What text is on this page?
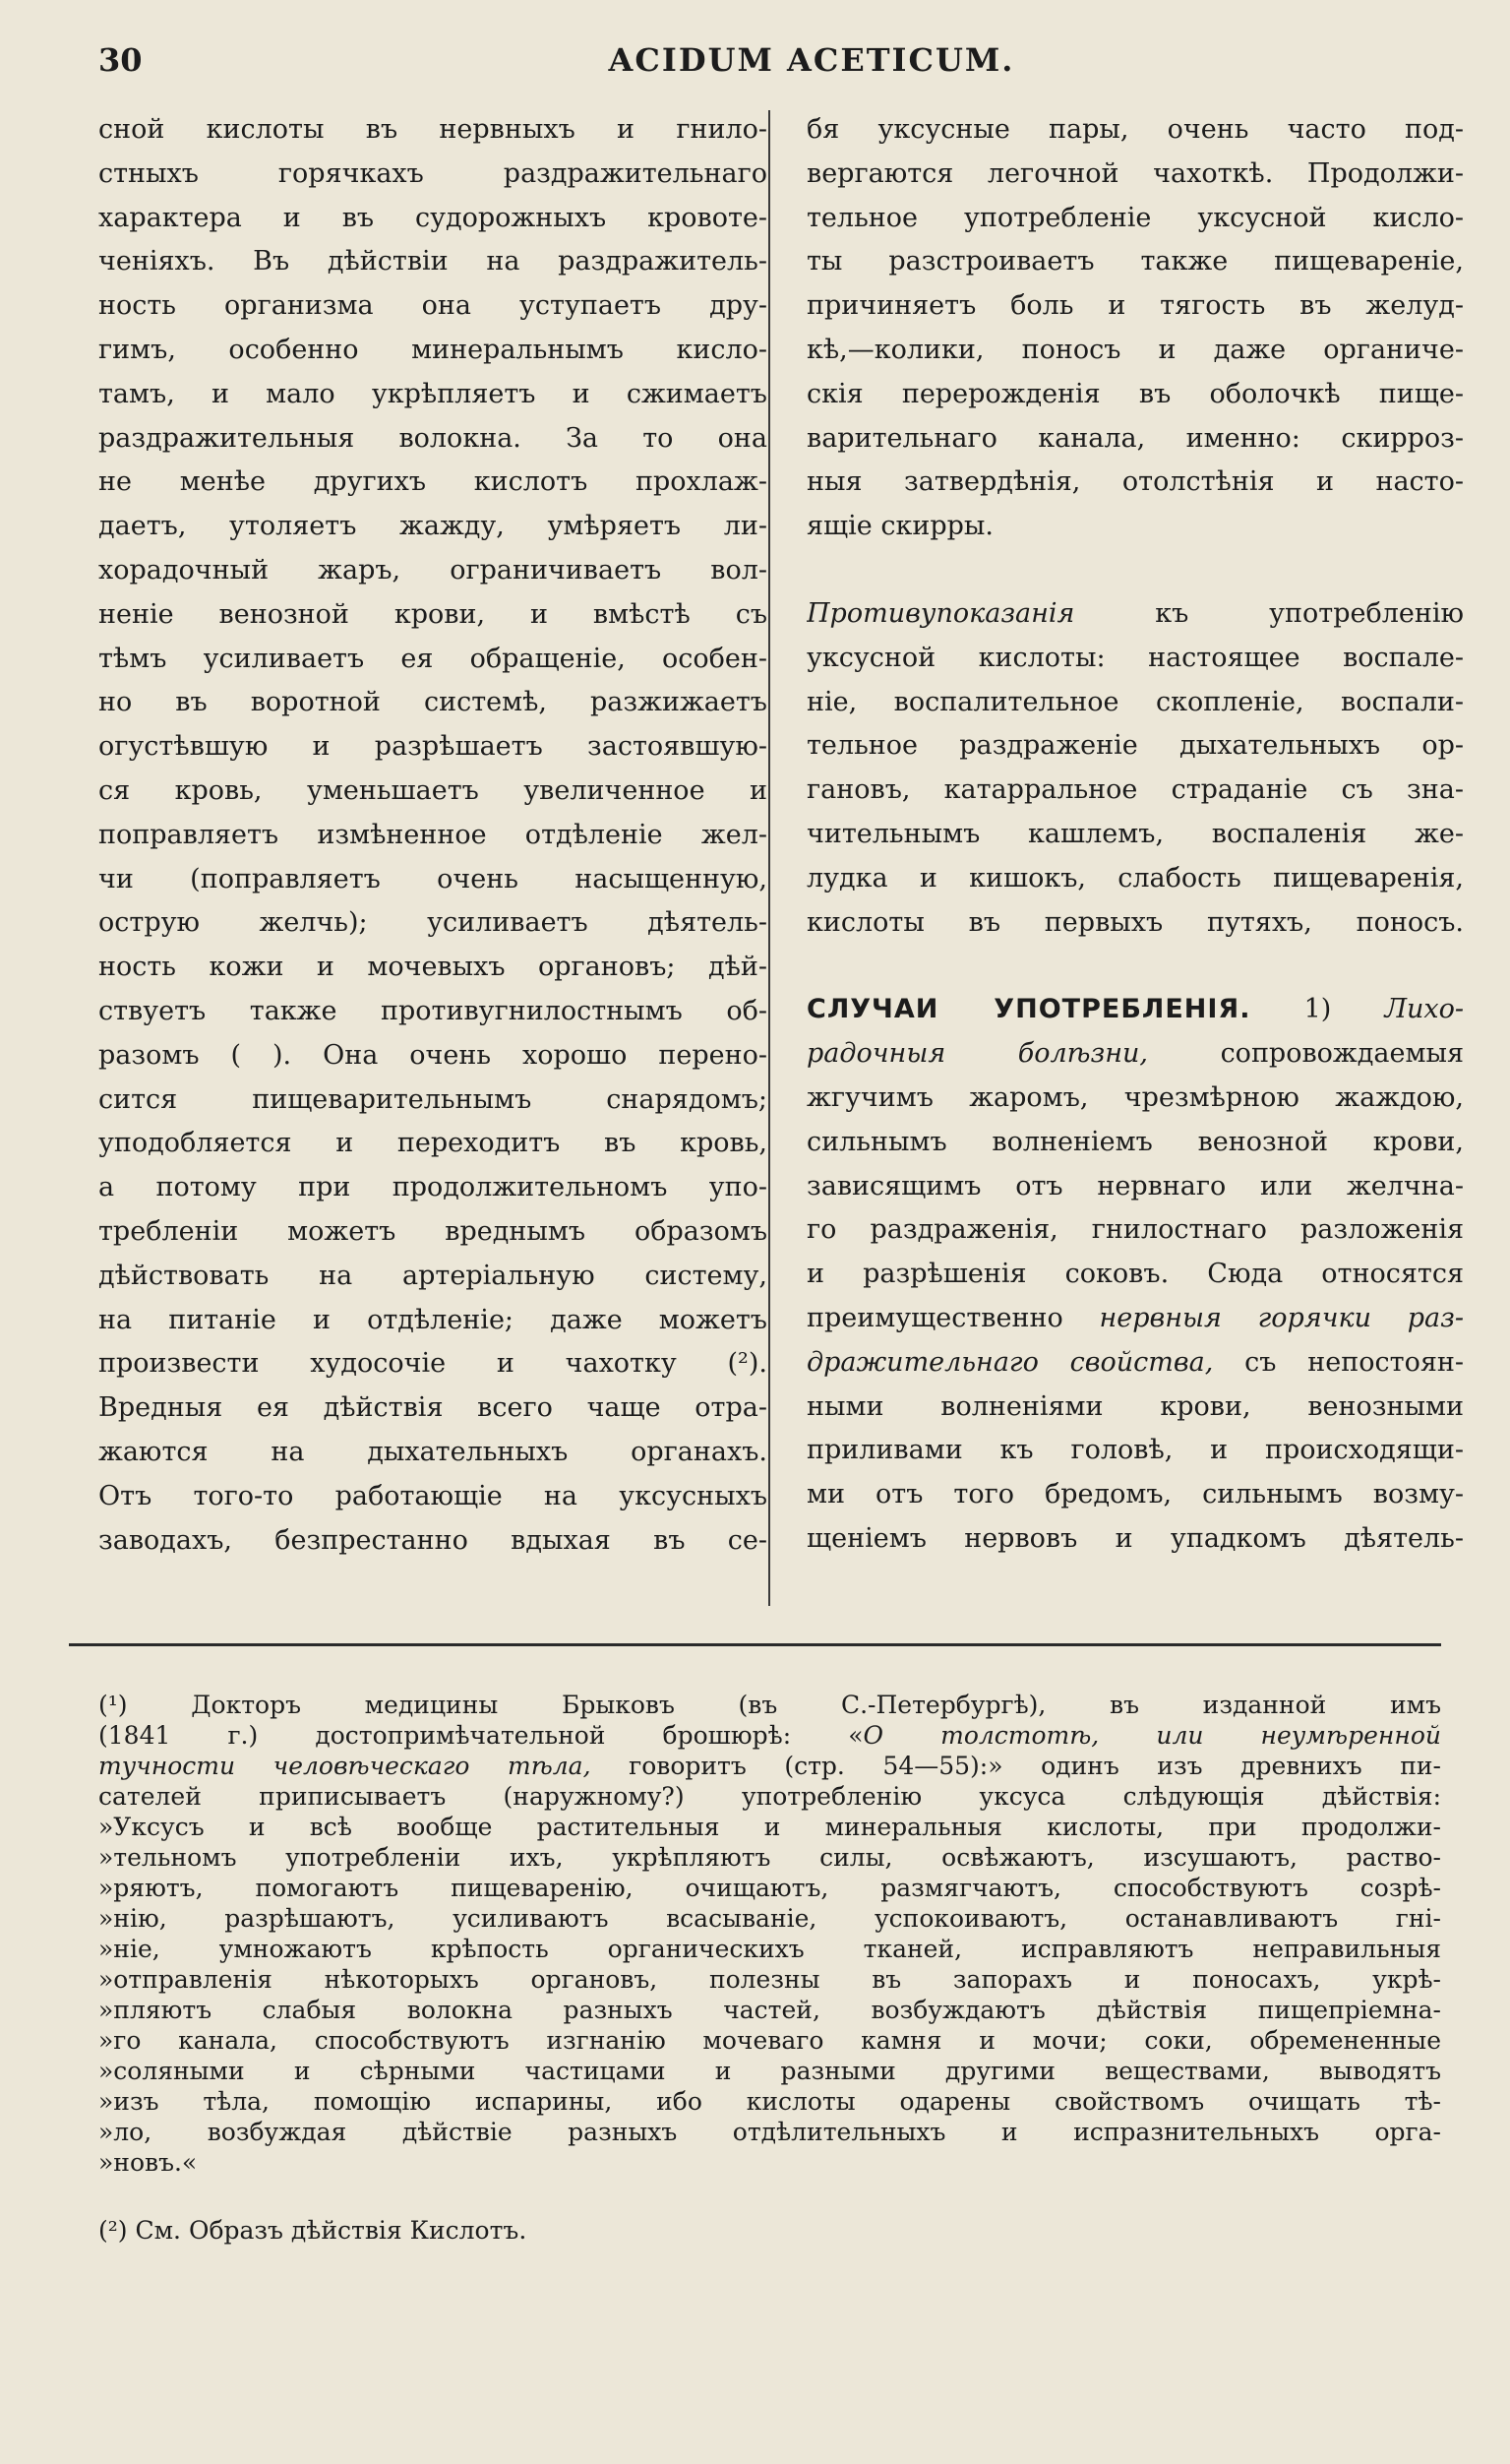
30	ACIDUM ACETICUM.
сной кислоты въ нервныхъ и гнило-
стныхъ горячкахъ раздражительнаго
характера и въ судорожныхъ кровоте-
ченіяхъ. Въ дѣйствіи на раздражитель-
ность организма она уступаетъ дру-
гимъ, особенно минеральнымъ кисло-
тамъ, и мало укрѣпляетъ и сжимаетъ
раздражительныя волокна. За то она
не менѣе другихъ кислотъ прохлаж-
даетъ, утоляетъ жажду, умѣряетъ ли-
хорадочный жаръ, ограничиваетъ вол-
неніе венозной крови, и вмѣстѣ съ
тѣмъ усиливаетъ ея обращеніе, особен-
но въ воротной системѣ, разжижаетъ
огустѣвшую и разрѣшаетъ застоявшую-
ся кровь, уменьшаетъ увеличенное и
поправляетъ измѣненное отдѣленіе жел-
чи (поправляетъ очень насыщенную,
острую желчь); усиливаетъ дѣятель-
ность кожи и мочевыхъ органовъ; дѣй-
ствуетъ также противугнилостнымъ об-
разомъ ( ). Она очень хорошо перено-
сится пищеварительнымъ снарядомъ;
уподобляется и переходитъ въ кровь,
а потому при продолжительномъ упо-
требленіи можетъ вреднымъ образомъ
дѣйствовать на артеріальную систему,
на питаніе и отдѣленіе; даже можетъ
произвести худосочіе и чахотку (²).
Вредныя ея дѣйствія всего чаще отра-
жаются на дыхательныхъ органахъ.
Отъ того-то работающіе на уксусныхъ
заводахъ, безпрестанно вдыхая въ се-
бя уксусные пары, очень часто под-
вергаются легочной чахоткѣ. Продолжи-
тельное употребленіе уксусной кисло-
ты разстроиваетъ также пищевареніе,
причиняетъ боль и тягость въ желуд-
кѣ,—колики, поносъ и даже органиче-
скія перерожденія въ оболочкѣ пище-
варительнаго канала, именно: скирроз-
ныя затвердѣнія, отолстѣнія и насто-
ящіе скирры.
Противупоказанія	къ употребленію
уксусной кислоты: настоящее воспале-
ніе, воспалительное скопленіе, воспали-
тельное раздраженіе дыхательныхъ ор-
гановъ, катарральное страданіе съ зна-
чительнымъ кашлемъ, воспаленія же-
лудка и кишокъ, слабость пищеваренія,
кислоты въ первыхъ путяхъ, поносъ.
СЛУЧАИ УПОТРЕБЛЕНІЯ. 1) Лихо-
радочныя болѣзни,	сопровождаемыя
жгучимъ жаромъ, чрезмѣрною жаждою,
сильнымъ волненіемъ венозной крови,
зависящимъ отъ нервнаго или желчна-
го раздраженія, гнилостнаго разложенія
и разрѣшенія соковъ. Сюда относятся
преимущественно нервныя горячки раз-
дражительнаго свойства, съ непостоян-
ными волненіями крови, венозными
приливами къ головѣ, и происходящи-
ми отъ того бредомъ, сильнымъ возму-
щеніемъ нервовъ и упадкомъ дѣятель-
(¹) Докторъ медицины Брыковъ (въ С.-Петербургѣ), въ изданной имъ
(1841 г.) достопримѣчательной брошюрѣ: «О толстотѣ, или неумѣренной
тучности человѣческаго тѣла, говоритъ (стр. 54—55):» одинъ изъ древнихъ пи-
сателей приписываетъ (наружному?) употребленію уксуса слѣдующія дѣйствія:
»Уксусъ и всѣ вообще растительныя и минеральныя кислоты, при продолжи-
»тельномъ употребленіи ихъ, укрѣпляютъ силы, освѣжаютъ, изсушаютъ, раство-
»ряютъ, помогаютъ пищеваренію, очищаютъ, размягчаютъ, способствуютъ созрѣ-
»нію, разрѣшаютъ, усиливаютъ всасываніе, успокоиваютъ, останавливаютъ гні-
»ніе, умножаютъ крѣпость органическихъ тканей, исправляютъ неправильныя
»отправленія нѣкоторыхъ органовъ, полезны въ запорахъ и поносахъ, укрѣ-
»пляютъ слабыя волокна разныхъ частей, возбуждаютъ дѣйствія пищепріемна-
»го канала, способствуютъ изгнанію мочеваго камня и мочи; соки, обремененные
»соляными и сѣрными частицами и разными другими веществами, выводятъ
»изъ тѣла, помощію испарины, ибо кислоты одарены свойствомъ очищать тѣ-
»ло, возбуждая дѣйствіе разныхъ отдѣлительныхъ и испразнительныхъ орга-
»новъ.«
(²) См. Образъ дѣйствія Кислотъ.
